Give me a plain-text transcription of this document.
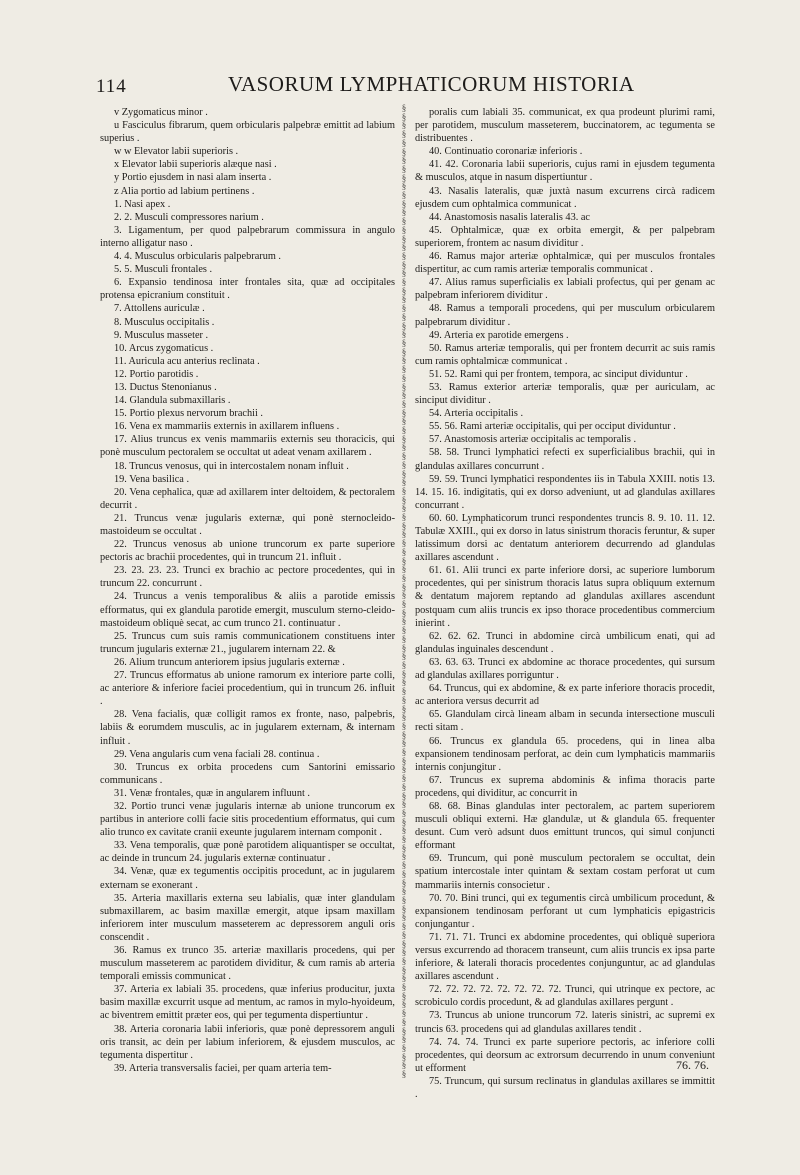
114	VASORUM LYMPHATICORUM HISTORIA

v Zygomaticus minor .

u Fasciculus fibrarum, quem orbicularis palpebræ emittit ad labium superius .

w w Elevator labii superioris .

x Elevator labii superioris alæque nasi .

y Portio ejusdem in nasi alam inserta .

z Alia portio ad labium pertinens .

1. Nasi apex .

2. 2. Musculi compressores narium .

3. Ligamentum, per quod palpebrarum commissura in angulo interno alligatur naso .

4. 4. Musculus orbicularis palpebrarum .

5. 5. Musculi frontales .

6. Expansio tendinosa inter frontales sita, quæ ad occipitales protensa epicranium constituit .

7. Attollens auriculæ .

8. Musculus occipitalis .

9. Musculus masseter .

10. Arcus zygomaticus .

11. Auricula acu anterius reclinata .

12. Portio parotidis .

13. Ductus Stenonianus .

14. Glandula submaxillaris .

15. Portio plexus nervorum brachii .

16. Vena ex mammariis externis in axillarem influens .

17. Alius truncus ex venis mammariis externis seu thoracicis, qui ponè musculum pectoralem se occultat ut adeat venam axillarem .

18. Truncus venosus, qui in intercostalem nonam influit .

19. Vena basilica .

20. Vena cephalica, quæ ad axillarem inter deltoidem, & pectoralem decurrit .

21. Truncus venæ jugularis externæ, qui ponè sternocleido-mastoideum se occultat .

22. Truncus venosus ab unione truncorum ex parte superiore pectoris ac brachii procedentes, qui in truncum 21. influit .

23. 23. 23. 23. Trunci ex brachio ac pectore procedentes, qui in truncum 22. concurrunt .

24. Truncus a venis temporalibus & aliis a parotide emissis efformatus, qui ex glandula parotide emergit, musculum sterno-cleido-mastoideum obliquè secat, ac cum trunco 21. continuatur .

25. Truncus cum suis ramis communicationem constituens inter truncum jugularis externæ 21., jugularem internam 22. &

26. Alium truncum anteriorem ipsius jugularis externæ .

27. Truncus efformatus ab unione ramorum ex interiore parte colli, ac anteriore & inferiore faciei procedentium, qui in truncum 26. influit .

28. Vena facialis, quæ colligit ramos ex fronte, naso, palpebris, labiis & eorumdem musculis, ac in jugularem externam, & internam influit .

29. Vena angularis cum vena faciali 28. continua .

30. Truncus ex orbita procedens cum Santorini emissario communicans .

31. Venæ frontales, quæ in angularem influunt .

32. Portio trunci venæ jugularis internæ ab unione truncorum ex partibus in anteriore colli facie sitis procedentium efformatus, qui cum alio trunco ex cavitate cranii exeunte jugularem internam componit .

33. Vena temporalis, quæ ponè parotidem aliquantisper se occultat, ac deinde in truncum 24. jugularis externæ continuatur .

34. Venæ, quæ ex tegumentis occipitis procedunt, ac in jugularem externam se exonerant .

35. Arteria maxillaris externa seu labialis, quæ inter glandulam submaxillarem, ac basim maxillæ emergit, atque ipsam maxillam inferiorem inter musculum masseterem ac depressorem anguli oris conscendit .

36. Ramus ex trunco 35. arteriæ maxillaris procedens, qui per musculum masseterem ac parotidem dividitur, & cum ramis ab arteria temporali emissis communicat .

37. Arteria ex labiali 35. procedens, quæ inferius producitur, juxta basim maxillæ excurrit usque ad mentum, ac ramos in mylo-hyoideum, ac biventrem emittit præter eos, qui per tegumenta dispertiuntur .

38. Arteria coronaria labii inferioris, quæ ponè depressorem anguli oris transit, ac dein per labium inferiorem, & ejusdem musculos, ac tegumenta dispertitur .

39. Arteria transversalis faciei, per quam arteria tem-

§
§
§
§
§
§
§
§
§
§
§
§
§
§
§
§
§
§
§
§
§
§
§
§
§
§
§
§
§
§
§
§
§
§
§
§
§
§
§
§
§
§
§
§
§
§
§
§
§
§
§
§
§
§
§
§
§
§
§
§
§
§
§
§
§
§
§
§
§
§
§
§
§
§
§
§
§
§
§
§
§
§
§
§
§
§
§
§
§
§
§
§
§
§
§
§
§
§
§
§
§
§
§
§
§
§
§
§
§
§
§
§

poralis cum labiali 35. communicat, ex qua prodeunt plurimi rami, per parotidem, musculum masseterem, buccinatorem, ac tegumenta se distribuentes .

40. Continuatio coronariæ inferioris .

41. 42. Coronaria labii superioris, cujus rami in ejusdem tegumenta & musculos, atque in nasum dispertiuntur .

43. Nasalis lateralis, quæ juxtà nasum excurrens circà radicem ejusdem cum ophtalmica communicat .

44. Anastomosis nasalis lateralis 43. ac

45. Ophtalmicæ, quæ ex orbita emergit, & per palpebram superiorem, frontem ac nasum dividitur .

46. Ramus major arteriæ ophtalmicæ, qui per musculos frontales dispertitur, ac cum ramis arteriæ temporalis communicat .

47. Alius ramus superficialis ex labiali profectus, qui per genam ac palpebram inferiorem dividitur .

48. Ramus a temporali procedens, qui per musculum orbicularem palpebrarum dividitur .

49. Arteria ex parotide emergens .

50. Ramus arteriæ temporalis, qui per frontem decurrit ac suis ramis cum ramis ophtalmicæ communicat .

51. 52. Rami qui per frontem, tempora, ac sinciput dividuntur .

53. Ramus exterior arteriæ temporalis, quæ per auriculam, ac sinciput dividitur .

54. Arteria occipitalis .

55. 56. Rami arteriæ occipitalis, qui per occiput dividuntur .

57. Anastomosis arteriæ occipitalis ac temporalis .

58. 58. Trunci lymphatici refecti ex superficialibus brachii, qui in glandulas axillares concurrunt .

59. 59. Trunci lymphatici respondentes iis in Tabula XXIII. notis 13. 14. 15. 16. indigitatis, qui ex dorso adveniunt, ut ad glandulas axillares concurrant .

60. 60. Lymphaticorum trunci respondentes truncis 8. 9. 10. 11. 12. Tabulæ XXIII., qui ex dorso in latus sinistrum thoracis feruntur, & super latissimum dorsi ac dentatum anteriorem decurrendo ad glandulas axillares ascendunt .

61. 61. Alii trunci ex parte inferiore dorsi, ac superiore lumborum procedentes, qui per sinistrum thoracis latus supra obliquum externum & dentatum majorem reptando ad glandulas axillares ascendunt postquam cum aliis truncis ex ipso thorace procedentibus commercium inierint .

62. 62. 62. Trunci in abdomine circà umbilicum enati, qui ad glandulas inguinales descendunt .

63. 63. 63. Trunci ex abdomine ac thorace procedentes, qui sursum ad glandulas axillares porriguntur .

64. Truncus, qui ex abdomine, & ex parte inferiore thoracis procedit, ac anteriora versus decurrit ad

65. Glandulam circà lineam albam in secunda intersectione musculi recti sitam .

66. Truncus ex glandula 65. procedens, qui in linea alba expansionem tendinosam perforat, ac dein cum lymphaticis mammariis internis conjungitur .

67. Truncus ex suprema abdominis & infima thoracis parte procedens, qui dividitur, ac concurrit in

68. 68. Binas glandulas inter pectoralem, ac partem superiorem musculi obliqui externi. Hæ glandulæ, ut & glandula 65. frequenter desunt. Cum verò adsunt duos emittunt truncos, qui simul conjuncti efformant

69. Truncum, qui ponè musculum pectoralem se occultat, dein spatium intercostale inter quintam & sextam costam perforat ut cum mammariis internis consocietur .

70. 70. Bini trunci, qui ex tegumentis circà umbilicum procedunt, & expansionem tendinosam perforant ut cum lymphaticis epigastricis conjungantur .

71. 71. 71. Trunci ex abdomine procedentes, qui obliquè superiora versus excurrendo ad thoracem transeunt, cum aliis truncis ex ipsa parte inferiore, & laterali thoracis procedentes conjunguntur, ac ad glandulas axillares ascendunt .

72. 72. 72. 72. 72. 72. 72. 72. Trunci, qui utrinque ex pectore, ac scrobiculo cordis procedunt, & ad glandulas axillares pergunt .

73. Truncus ab unione truncorum 72. lateris sinistri, ac supremi ex truncis 63. procedens qui ad glandulas axillares tendit .

74. 74. 74. Trunci ex parte superiore pectoris, ac inferiore colli procedentes, qui deorsum ac extrorsum decurrendo in unum conveniunt ut efforment

75. Truncum, qui sursum reclinatus in glandulas axillares se immittit .

76. 76.
